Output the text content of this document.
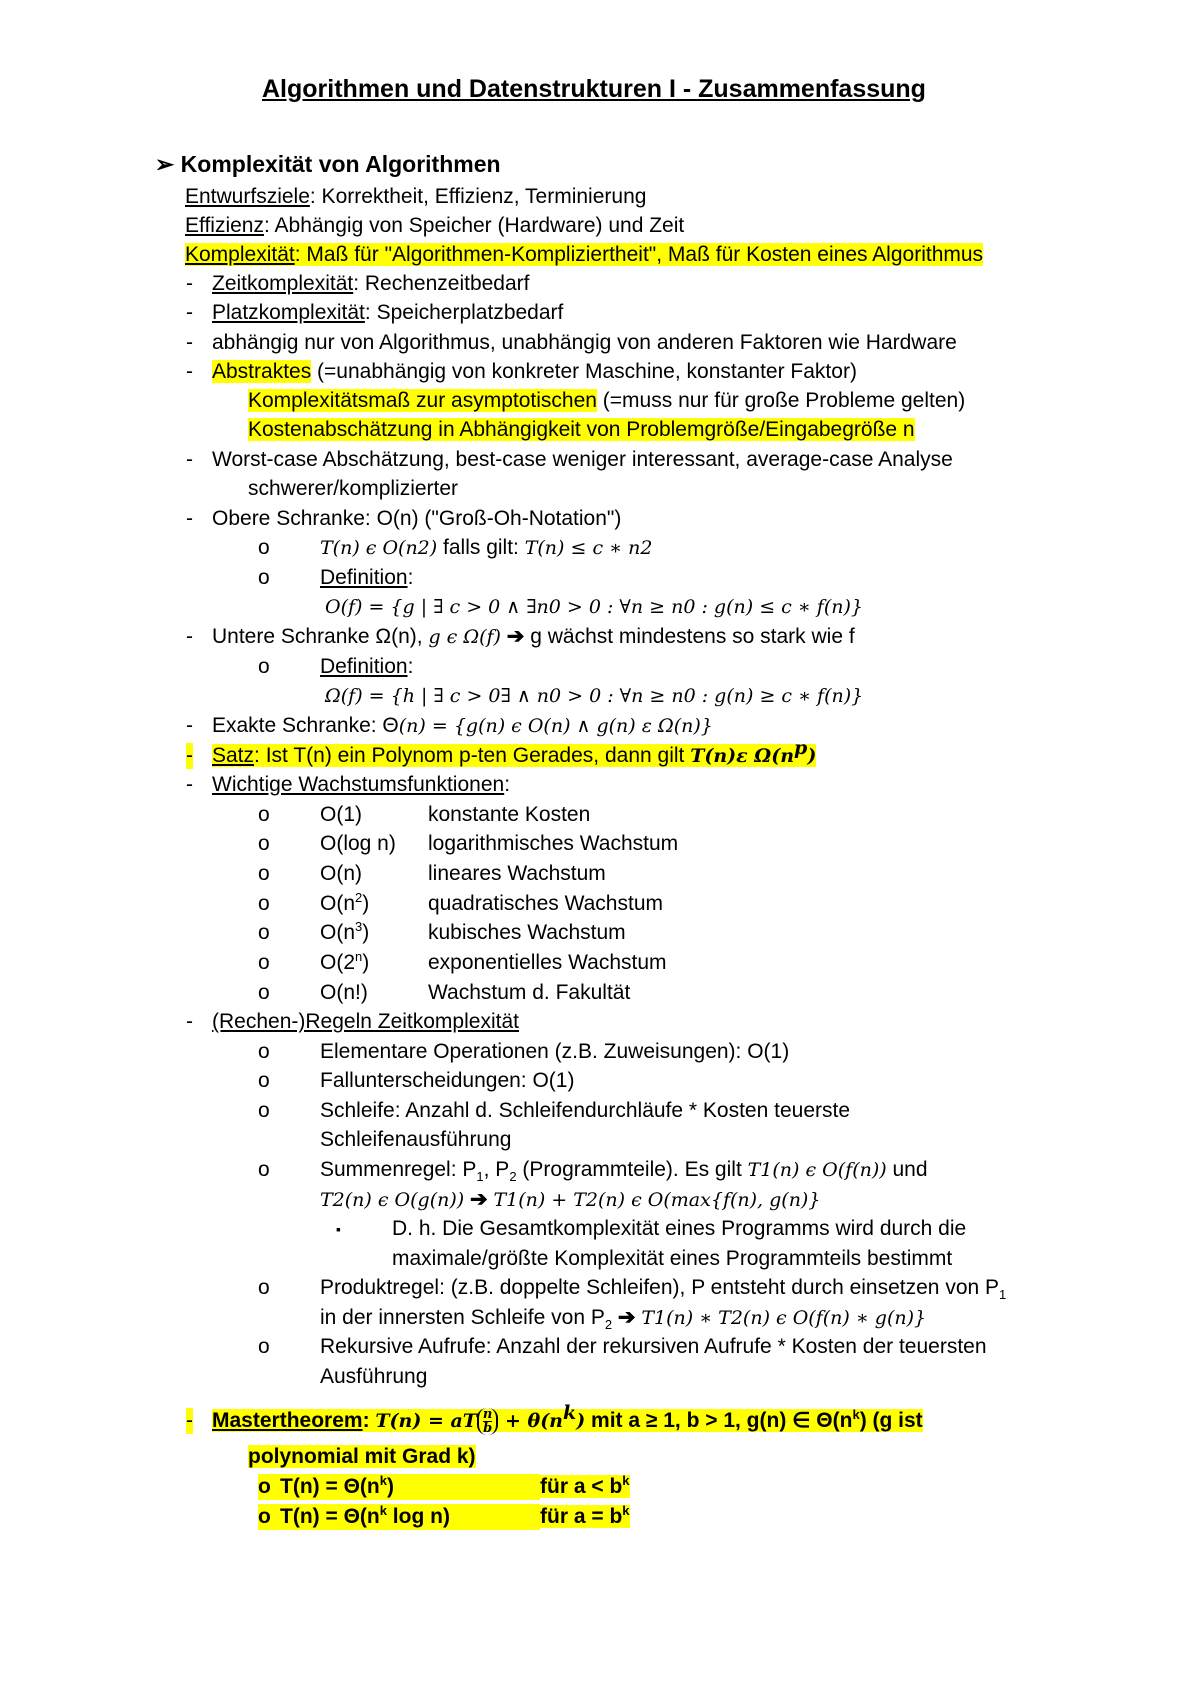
Algorithmen und Datenstrukturen I - Zusammenfassung
➢ Komplexität von Algorithmen
Entwurfsziele: Korrektheit, Effizienz, Terminierung
Effizienz: Abhängig von Speicher (Hardware) und Zeit
Komplexität: Maß für "Algorithmen-Kompliziertheit", Maß für Kosten eines Algorithmus
- Zeitkomplexität: Rechenzeitbedarf
- Platzkomplexität: Speicherplatzbedarf
- abhängig nur von Algorithmus, unabhängig von anderen Faktoren wie Hardware
- Abstraktes (=unabhängig von konkreter Maschine, konstanter Faktor)
Komplexitätsmaß zur asymptotischen (=muss nur für große Probleme gelten)
Kostenabschätzung in Abhängigkeit von Problemgröße/Eingabegröße n
- Worst-case Abschätzung, best-case weniger interessant, average-case Analyse
schwerer/komplizierter
- Obere Schranke: O(n) ("Groß-Oh-Notation")
o	T(n) ϵ O(n2) falls gilt: T(n) ≤ c ∗ n2
o Definition:
O(f) = {g | ∃ c > 0 ∧ ∃n0 > 0 : ∀n ≥ n0 : g(n) ≤ c ∗ f(n)}
- Untere Schranke Ω(n), g ϵ Ω(f) ➔ g wächst mindestens so stark wie f
o Definition:
Ω(f) = {h | ∃ c > 0∃ ∧ n0 > 0 : ∀n ≥ n0 : g(n) ≥ c ∗ f(n)}
- Exakte Schranke: Θ(n) = {g(n) ϵ O(n) ∧ g(n) ε Ω(n)}
- Satz: Ist T(n) ein Polynom p-ten Gerades, dann gilt T(n)ε $\Omega(n^p)$
- Wichtige Wachstumsfunktionen:
o O(1)	konstante Kosten
o O(log n) logarithmisches Wachstum
o O(n)	lineares Wachstum
o $O(n^2)$	quadratisches Wachstum
o $O(n^3)$	kubisches Wachstum
o O(2$^n$)	exponentielles Wachstum
o O(n!)	Wachstum d. Fakultät
- (Rechen-)Regeln Zeitkomplexität
o Elementare Operationen (z.B. Zuweisungen): O(1)
o Fallunterscheidungen: O(1)
o Schleife: Anzahl d. Schleifendurchläufe * Kosten teuerste
Schleifenausführung
o Summenregel: $P_1$, $P_2$ (Programmteile). Es gilt T1(n) ϵ O(f(n)) und
T2(n) ϵ O(g(n)) ➔ T1(n) + T2(n) ϵ O(max{f(n), g(n)}
▪ D. h. Die Gesamtkomplexität eines Programms wird durch die
maximale/größte Komplexität eines Programmteils bestimmt
o Produktregel: (z.B. doppelte Schleifen), P entsteht durch einsetzen von $P_1$
in der innersten Schleife von $P_2$ ➔ T1(n) ∗ T2(n) ϵ O(f(n) ∗ g(n)}
o Rekursive Aufrufe: Anzahl der rekursiven Aufrufe * Kosten der teuersten
Ausführung
- Mastertheorem: T(n) = aT $\frac{n}{b} + \theta(n^k)$ mit a ≥ 1, b > 1, g(n) ∈ $\Theta(n^k)$ (g ist
polynomial mit Grad k)
o $T(n) = \Theta(n^k)$	für $a < b^k$
o $T(n) = \Theta(n^k$ log n)	für $a = b^k$
